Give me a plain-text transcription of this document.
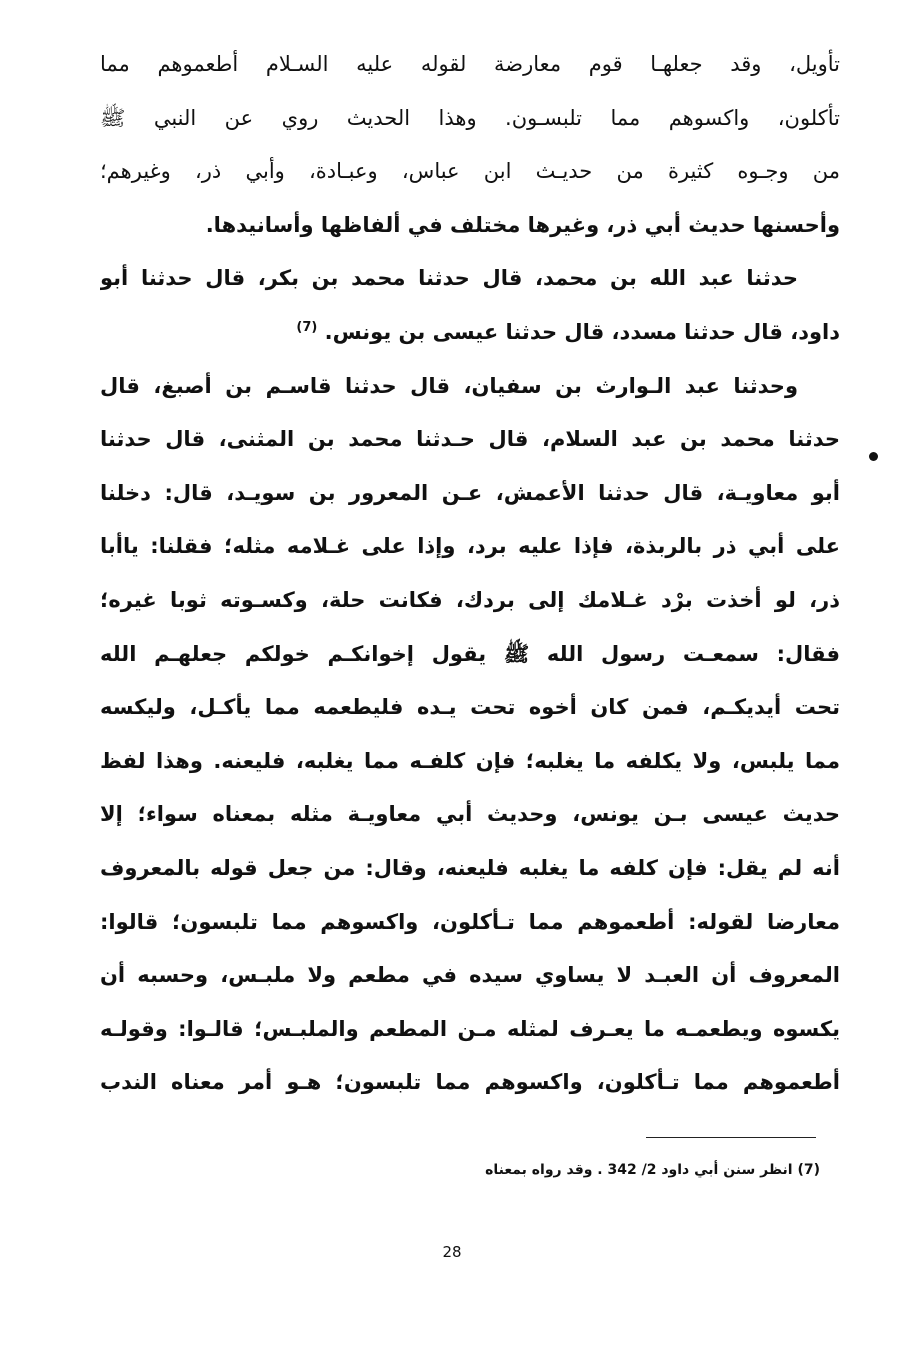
تأويل، وقد جعلهـا قوم معارضة لقوله عليه السـلام أطعموهم مما
تأكلون، واكسوهم مما تلبسـون. وهذا الحديث روي عن النبي ﷺ
من وجـوه كثيرة من حديـث ابن عباس، وعبـادة، وأبي ذر، وغيرهم؛
وأحسنها حديث أبي ذر، وغيرها مختلف في ألفاظها وأسانيدها.
حدثنا عبد الله بن محمد، قال حدثنا محمد بن بكر، قال حدثنا أبو
داود، قال حدثنا مسدد، قال حدثنا عيسى بن يونس. $^{(7)}$
وحدثنا عبد الـوارث بن سفيان، قال حدثنا قاسـم بن أصبغ، قال
حدثنا محمد بن عبد السلام، قال حـدثنا محمد بن المثنى، قال حدثنا
أبو معاويـة، قال حدثنا الأعمش، عـن المعرور بن سويـد، قال: دخلنا
على أبي ذر بالربذة، فإذا عليه برد، وإذا على غـلامه مثله؛ فقلنا: ياأبا
ذر، لو أخذت برْد غـلامك إلى بردك، فكانت حلة، وكسـوته ثوبا غيره؛
فقال: سمعـت رسول الله ﷺ يقول إخوانكـم خولكم جعلهـم الله
تحت أيديكـم، فمن كان أخوه تحت يـده فليطعمه مما يأكـل، وليكسه
مما يلبس، ولا يكلفه ما يغلبه؛ فإن كلفـه مما يغلبه، فليعنه. وهذا لفظ
حديث عيسى بـن يونس، وحديث أبي معاويـة مثله بمعناه سواء؛ إلا
أنه لم يقل: فإن كلفه ما يغلبه فليعنه، وقال: من جعل قوله بالمعروف
معارضا لقوله: أطعموهم مما تـأكلون، واكسوهم مما تلبسون؛ قالوا:
المعروف أن العبـد لا يساوي سيده في مطعم ولا ملبـس، وحسبه أن
يكسوه ويطعمـه ما يعـرف لمثله مـن المطعم والملبـس؛ قالـوا: وقولـه
أطعموهم مما تـأكلون، واكسوهم مما تلبسون؛ هـو أمر معناه الندب
(7) انظر سنن أبي داود 2/ 342 . وقد رواه بمعناه
28
